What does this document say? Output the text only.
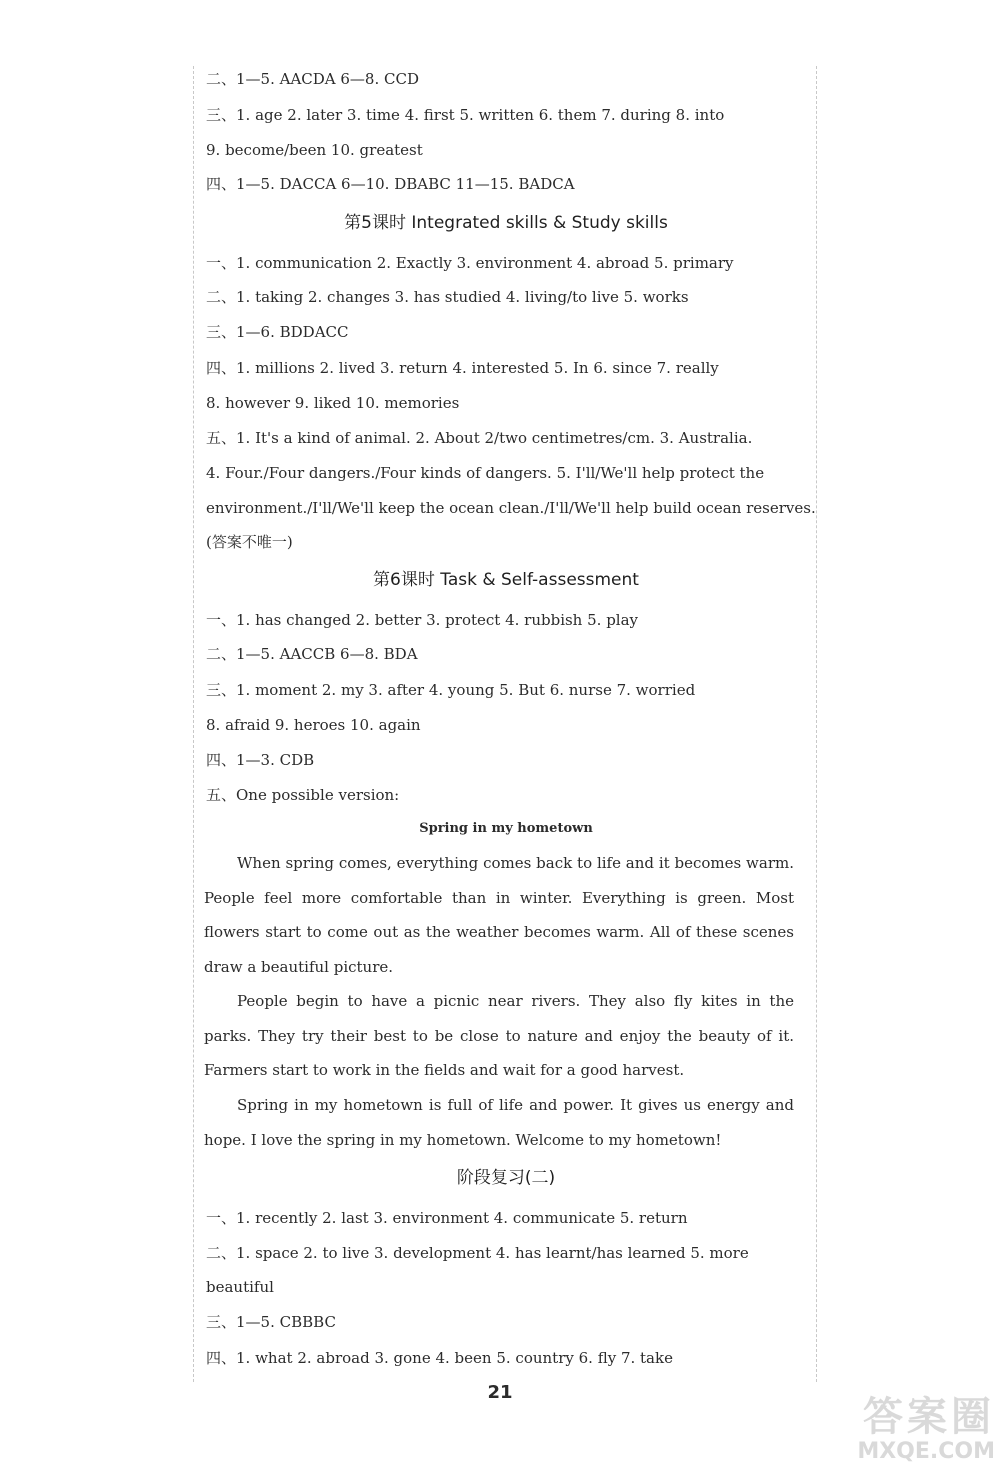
二、1—5. AACDA 6—8. CCD
三、1. age 2. later 3. time 4. first 5. written 6. them 7. during 8. into
9. become/been 10. greatest
四、1—5. DACCA 6—10. DBABC 11—15. BADCA
第5课时 Integrated skills & Study skills
一、1. communication 2. Exactly 3. environment 4. abroad 5. primary
二、1. taking 2. changes 3. has studied 4. living/to live 5. works
三、1—6. BDDACC
四、1. millions 2. lived 3. return 4. interested 5. In 6. since 7. really
8. however 9. liked 10. memories
五、1. It's a kind of animal. 2. About 2/two centimetres/cm. 3. Australia.
4. Four./Four dangers./Four kinds of dangers. 5. I'll/We'll help protect the
environment./I'll/We'll keep the ocean clean./I'll/We'll help build ocean reserves.
(答案不唯一)
第6课时 Task & Self-assessment
一、1. has changed 2. better 3. protect 4. rubbish 5. play
二、1—5. AACCB 6—8. BDA
三、1. moment 2. my 3. after 4. young 5. But 6. nurse 7. worried
8. afraid 9. heroes 10. again
四、1—3. CDB
五、One possible version:
Spring in my hometown
When spring comes, everything comes back to life and it becomes warm. People feel more comfortable than in winter. Everything is green. Most flowers start to come out as the weather becomes warm. All of these scenes draw a beautiful picture.
People begin to have a picnic near rivers. They also fly kites in the parks. They try their best to be close to nature and enjoy the beauty of it. Farmers start to work in the fields and wait for a good harvest.
Spring in my hometown is full of life and power. It gives us energy and hope. I love the spring in my hometown. Welcome to my hometown!
阶段复习(二)
一、1. recently 2. last 3. environment 4. communicate 5. return
二、1. space 2. to live 3. development 4. has learnt/has learned 5. more
beautiful
三、1—5. CBBBC
四、1. what 2. abroad 3. gone 4. been 5. country 6. fly 7. take
21
答案圈
MXQE.COM
